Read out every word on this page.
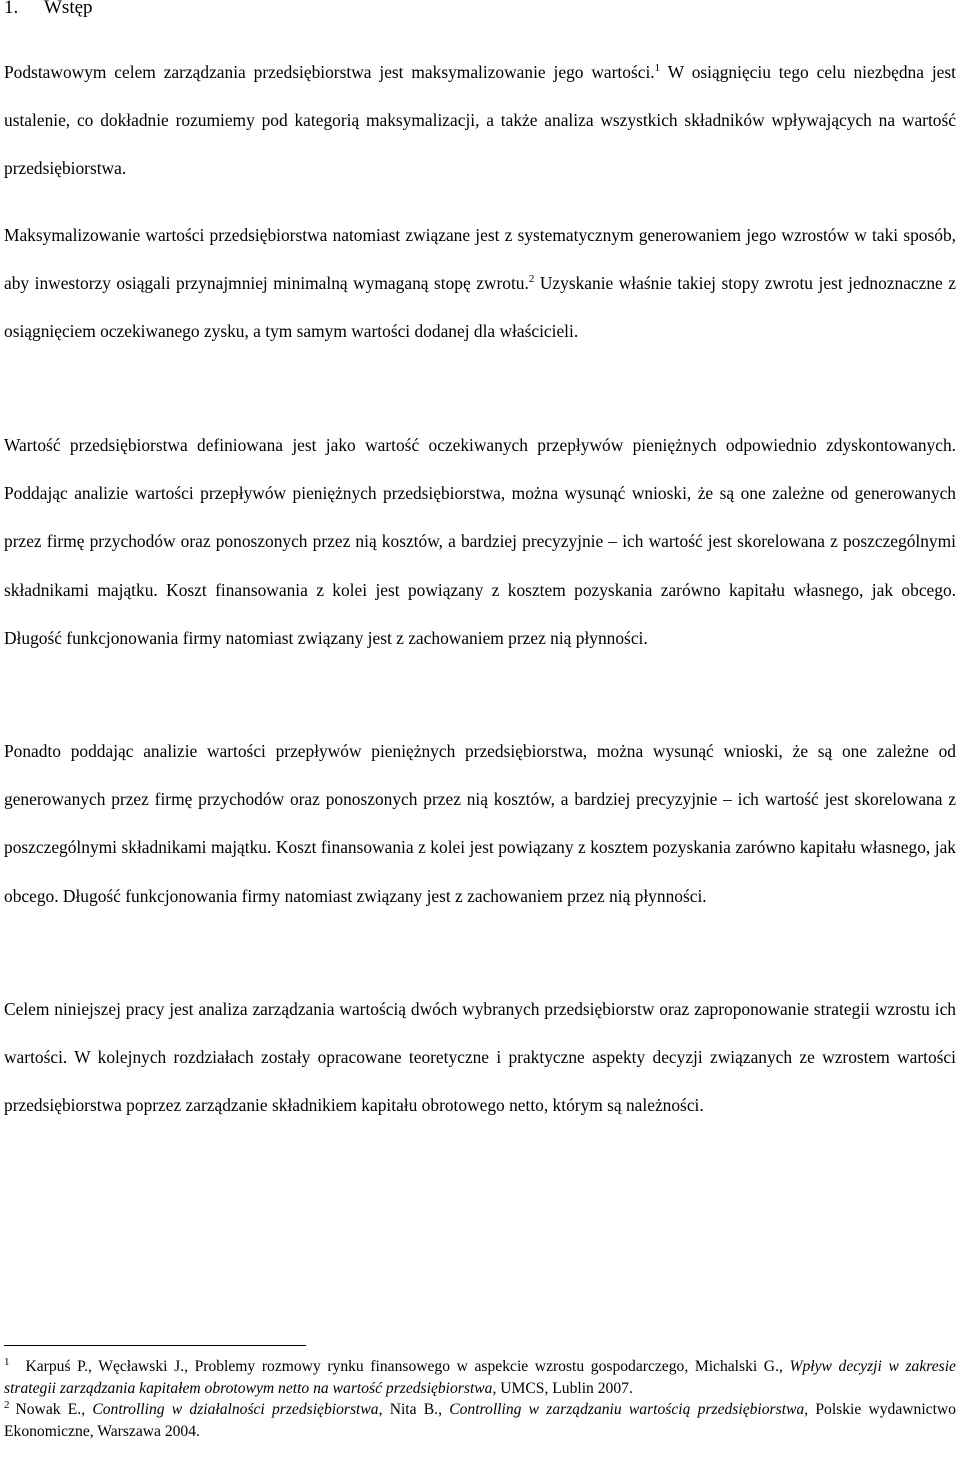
1. Wstęp

Podstawowym celem zarządzania przedsiębiorstwa jest maksymalizowanie jego wartości.$^1$ W osiągnięciu tego celu niezbędna jest ustalenie, co dokładnie rozumiemy pod kategorią maksymalizacji, a także analiza wszystkich składników wpływających na wartość przedsiębiorstwa.

Maksymalizowanie wartości przedsiębiorstwa natomiast związane jest z systematycznym generowaniem jego wzrostów w taki sposób, aby inwestorzy osiągali przynajmniej minimalną wymaganą stopę zwrotu.$^2$ Uzyskanie właśnie takiej stopy zwrotu jest jednoznaczne z osiągnięciem oczekiwanego zysku, a tym samym wartości dodanej dla właścicieli.

Wartość przedsiębiorstwa definiowana jest jako wartość oczekiwanych przepływów pieniężnych odpowiednio zdyskontowanych. Poddając analizie wartości przepływów pieniężnych przedsiębiorstwa, można wysunąć wnioski, że są one zależne od generowanych przez firmę przychodów oraz ponoszonych przez nią kosztów, a bardziej precyzyjnie – ich wartość jest skorelowana z poszczególnymi składnikami majątku. Koszt finansowania z kolei jest powiązany z kosztem pozyskania zarówno kapitału własnego, jak obcego. Długość funkcjonowania firmy natomiast związany jest z zachowaniem przez nią płynności.

Ponadto poddając analizie wartości przepływów pieniężnych przedsiębiorstwa, można wysunąć wnioski, że są one zależne od generowanych przez firmę przychodów oraz ponoszonych przez nią kosztów, a bardziej precyzyjnie – ich wartość jest skorelowana z poszczególnymi składnikami majątku. Koszt finansowania z kolei jest powiązany z kosztem pozyskania zarówno kapitału własnego, jak obcego. Długość funkcjonowania firmy natomiast związany jest z zachowaniem przez nią płynności.

Celem niniejszej pracy jest analiza zarządzania wartością dwóch wybranych przedsiębiorstw oraz zaproponowanie strategii wzrostu ich wartości. W kolejnych rozdziałach zostały opracowane teoretyczne i praktyczne aspekty decyzji związanych ze wzrostem wartości przedsiębiorstwa poprzez zarządzanie składnikiem kapitału obrotowego netto, którym są należności.

$^1$ Karpuś P., Węcławski J., Problemy rozmowy rynku finansowego w aspekcie wzrostu gospodarczego, Michalski G., Wpływ decyzji w zakresie strategii zarządzania kapitałem obrotowym netto na wartość przedsiębiorstwa, UMCS, Lublin 2007.

$^2$ Nowak E., Controlling w działalności przedsiębiorstwa, Nita B., Controlling w zarządzaniu wartością przedsiębiorstwa, Polskie wydawnictwo Ekonomiczne, Warszawa 2004.
